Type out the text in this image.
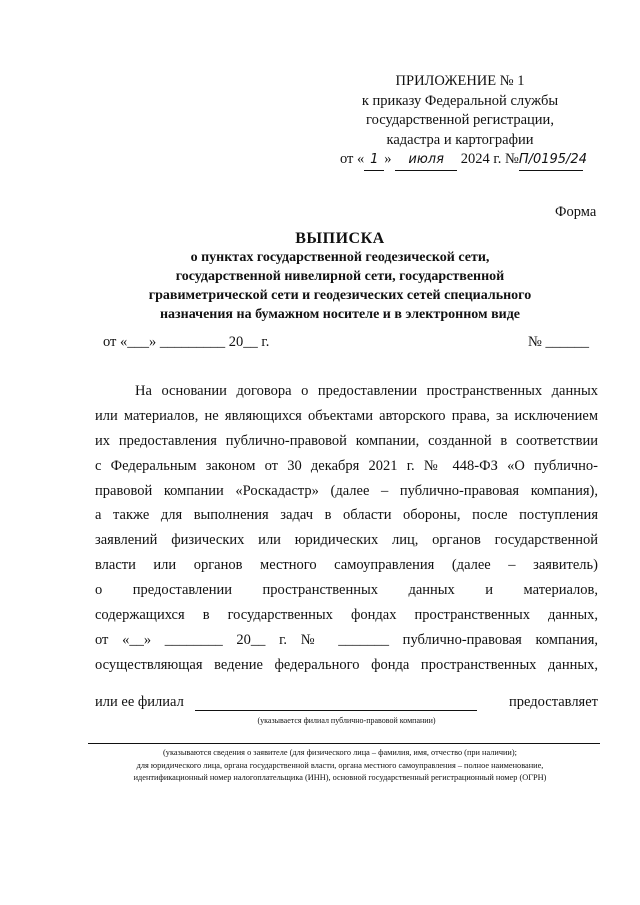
ПРИЛОЖЕНИЕ № 1
к приказу Федеральной службы
государственной регистрации,
кадастра и картографии
от « 1 » июля 2024 г. №П/0195/24
Форма
ВЫПИСКА
о пунктах государственной геодезической сети,
государственной нивелирной сети, государственной
гравиметрической сети и геодезических сетей специального
назначения на бумажном носителе и в электронном виде
от «___» _________ 20__ г.	№ ______
На основании договора о предоставлении пространственных данных
или материалов, не являющихся объектами авторского права, за исключением
их предоставления публично-правовой компании, созданной в соответствии
с Федеральным законом от 30 декабря 2021 г. № 448-ФЗ «О публично-
правовой компании «Роскадастр» (далее – публично-правовая компания),
а также для выполнения задач в области обороны, после поступления
заявлений физических или юридических лиц, органов государственной
власти или органов местного самоуправления (далее – заявитель)
о предоставлении пространственных данных и материалов,
содержащихся в государственных фондах пространственных данных,
от «__» ________ 20__ г. № _______ публично-правовая компания,
осуществляющая ведение федерального фонда пространственных данных,
или ее филиал	предоставляет
(указывается филиал публично-правовой компании)
(указываются сведения о заявителе (для физического лица – фамилия, имя, отчество (при наличии);
для юридического лица, органа государственной власти, органа местного самоуправления – полное наименование,
идентификационный номер налогоплательщика (ИНН), основной государственный регистрационный номер (ОГРН)
